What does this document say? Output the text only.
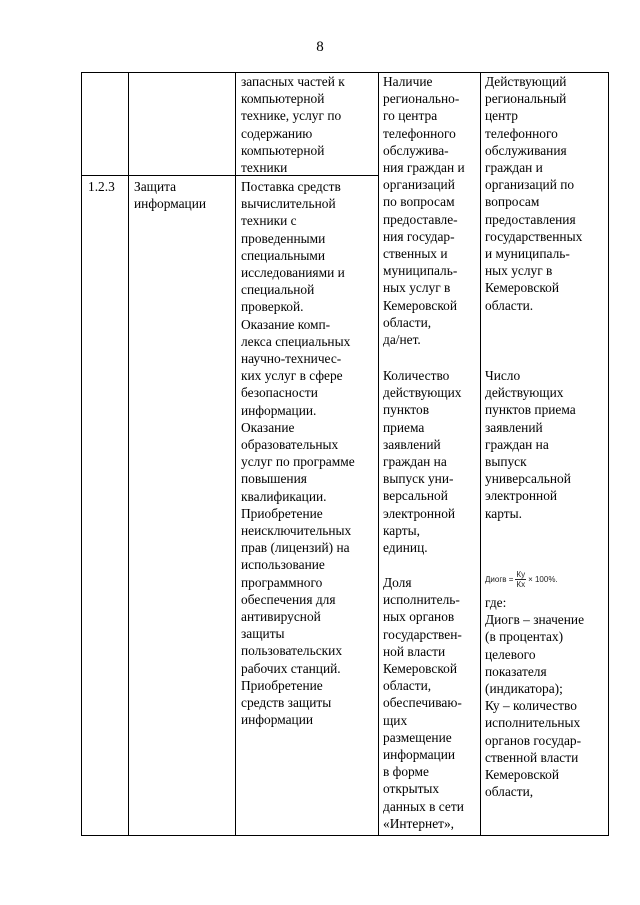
8
запасных частей к
компьютерной
технике, услуг по
содержанию
компьютерной
техники
1.2.3	Защита
информации
Поставка средств
вычислительной
техники с
проведенными
специальными
исследованиями и
специальной
проверкой.
Оказание комп-
лекса специальных
научно-техничес-
ких услуг в сфере
безопасности
информации.
Оказание
образовательных
услуг по программе
повышения
квалификации.
Приобретение
неисключительных
прав (лицензий) на
использование
программного
обеспечения для
антивирусной
защиты
пользовательских
рабочих станций.
Приобретение
средств защиты
информации
Наличие
регионально-
го центра
телефонного
обслужива-
ния граждан и
организаций
по вопросам
предоставле-
ния государ-
ственных и
муниципаль-
ных услуг в
Кемеровской
области,
да/нет.
Количество
действующих
пунктов
приема
заявлений
граждан на
выпуск уни-
версальной
электронной
карты,
единиц.
Доля
исполнитель-
ных органов
государствен-
ной власти
Кемеровской
области,
обеспечиваю-
щих
размещение
информации
в форме
открытых
данных в сети
«Интернет»,
Действующий
региональный
центр
телефонного
обслуживания
граждан и
организаций по
вопросам
предоставления
государственных
и муниципаль-
ных услуг в
Кемеровской
области.
Число
действующих
пунктов приема
заявлений
граждан на
выпуск
универсальной
электронной
карты.
Диогв = $\frac{Ку}{Кх} \times 100\%$.
где:
Диогв – значение
(в процентах)
целевого
показателя
(индикатора);
Ку – количество
исполнительных
органов государ-
ственной власти
Кемеровской
области,
